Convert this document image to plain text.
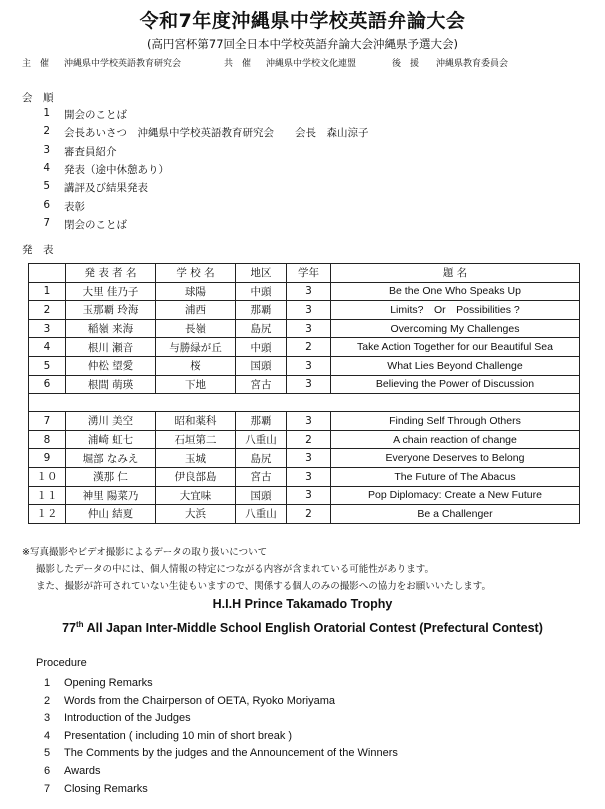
令和7年度沖縄県中学校英語弁論大会
(高円宮杯第77回全日本中学校英語弁論大会沖縄県予選大会)
主　催 沖縄県中学校英語教育研究会	共　催 沖縄県中学校文化連盟	後　援 沖縄県教育委員会
会　順
1 開会のことば
2 会長あいさつ　沖縄県中学校英語教育研究会　　会長　森山涼子
3 審査員紹介
4 発表（途中休憩あり）
5 講評及び結果発表
6 表彰
7 閉会のことば
発　表
	発 表 者 名	学 校 名	地区	学年	題 名
1	大里 佳乃子	球陽	中頭	3	Be the One Who Speaks Up
2	玉那覇 玲海	浦西	那覇	3	Limits?　Or　Possibilities ?
3	稲嶺 来海	長嶺	島尻	3	Overcoming My Challenges
4	根川 瀬音	与勝緑が丘	中頭	2	Take Action Together for our Beautiful Sea
5	仲松 望愛	桜	国頭	3	What Lies Beyond Challenge
6	根間 萌瑛	下地	宮古	3	Believing the Power of Discussion

7	湧川 美空	昭和薬科	那覇	3	Finding Self Through Others
8	浦崎 虹七	石垣第二	八重山	2	A chain reaction of change
9	堀部 なみえ	玉城	島尻	3	Everyone Deserves to Belong
１０	漢那 仁	伊良部島	宮古	3	The Future of The Abacus
１１	神里 陽菜乃	大宜味	国頭	3	Pop Diplomacy: Create a New Future
１２	仲山 結夏	大浜	八重山	2	Be a Challenger
※写真撮影やビデオ撮影によるデータの取り扱いについて
撮影したデータの中には、個人情報の特定につながる内容が含まれている可能性があります。
また、撮影が許可されていない生徒もいますので、関係する個人のみの撮影への協力をお願いいたします。
H.I.H Prince Takamado Trophy
77th All Japan Inter-Middle School English Oratorial Contest (Prefectural Contest)
Procedure
1 Opening Remarks
2 Words from the Chairperson of OETA, Ryoko Moriyama
3 Introduction of the Judges
4 Presentation ( including 10 min of short break )
5 The Comments by the judges and the Announcement of the Winners
6 Awards
7 Closing Remarks
